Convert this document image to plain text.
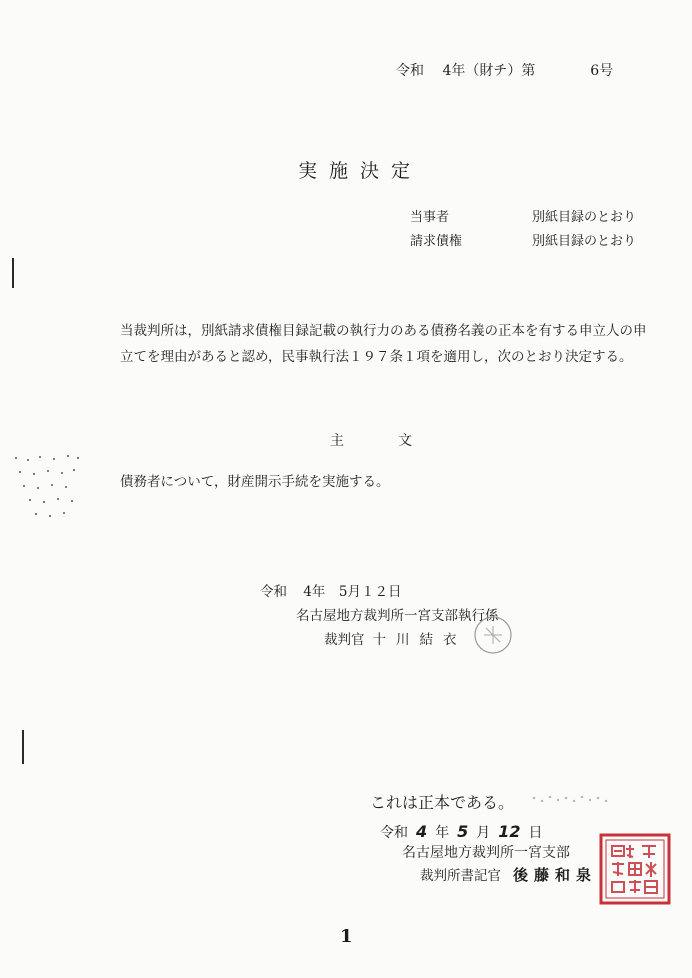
令和 4年（財チ）第	6号
実施決定
当事者	別紙目録のとおり
請求債権	別紙目録のとおり
当裁判所は，別紙請求債権目録記載の執行力のある債務名義の正本を有する申立人の申立てを理由があると認め，民事執行法１９７条１項を適用し，次のとおり決定する。
主文
債務者について，財産開示手続を実施する。
令和 4年　5月１２日
名古屋地方裁判所一宮支部執行係
裁判官 十川結衣
これは正本である。
令和 4 年 5 月 12 日
名古屋地方裁判所一宮支部
裁判所書記官 後藤和泉
1
